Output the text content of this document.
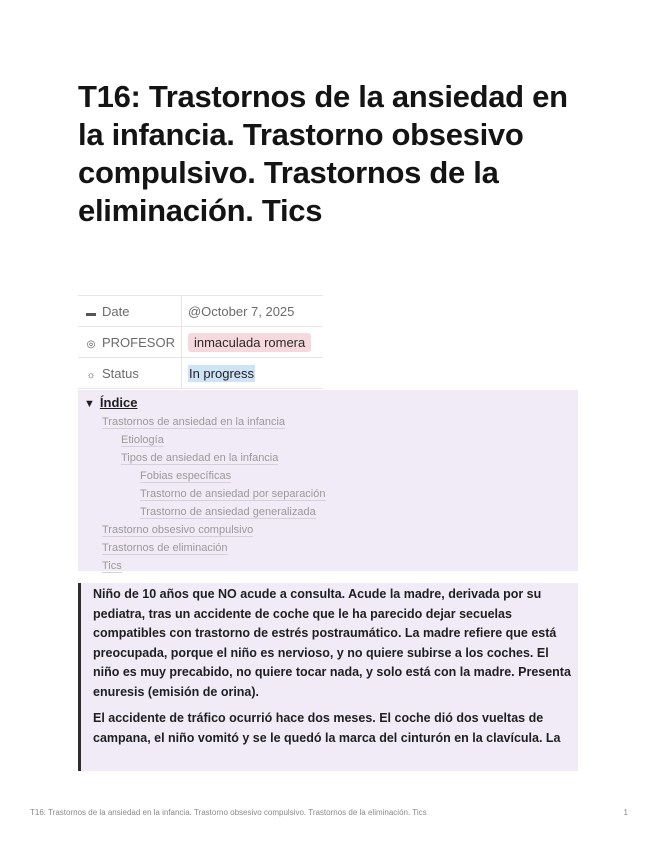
T16: Trastornos de la ansiedad en la infancia. Trastorno obsesivo compulsivo. Trastornos de la eliminación. Tics
▬ Date	@October 7, 2025
◎ PROFESOR	inmaculada romera
☼ Status	In progress
▼ Índice
Trastornos de ansiedad en la infancia
Etiología
Tipos de ansiedad en la infancia
Fobias específicas
Trastorno de ansiedad por separación
Trastorno de ansiedad generalizada
Trastorno obsesivo compulsivo
Trastornos de eliminación
Tics

Niño de 10 años que NO acude a consulta. Acude la madre, derivada por su pediatra, tras un accidente de coche que le ha parecido dejar secuelas compatibles con trastorno de estrés postraumático. La madre refiere que está preocupada, porque el niño es nervioso, y no quiere subirse a los coches. El niño es muy precabido, no quiere tocar nada, y solo está con la madre. Presenta enuresis (emisión de orina).

El accidente de tráfico ocurrió hace dos meses. El coche dió dos vueltas de campana, el niño vomitó y se le quedó la marca del cinturón en la clavícula. La

T16: Trastornos de la ansiedad en la infancia. Trastorno obsesivo compulsivo. Trastornos de la eliminación. Tics	1
